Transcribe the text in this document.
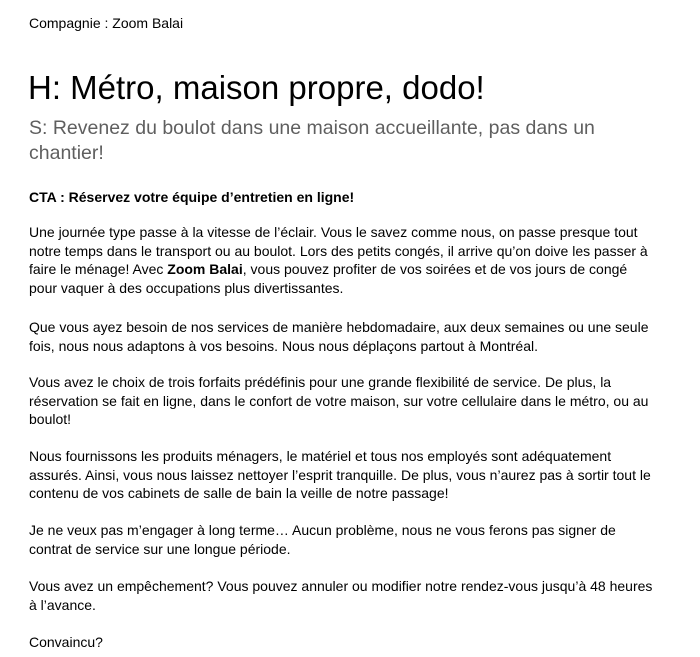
Compagnie : Zoom Balai
H: Métro, maison propre, dodo!
S: Revenez du boulot dans une maison accueillante, pas dans un chantier!
CTA : Réservez votre équipe d’entretien en ligne!

Une journée type passe à la vitesse de l’éclair. Vous le savez comme nous, on passe presque tout notre temps dans le transport ou au boulot. Lors des petits congés, il arrive qu’on doive les passer à faire le ménage! Avec Zoom Balai, vous pouvez profiter de vos soirées et de vos jours de congé pour vaquer à des occupations plus divertissantes.

Que vous ayez besoin de nos services de manière hebdomadaire, aux deux semaines ou une seule fois, nous nous adaptons à vos besoins. Nous nous déplaçons partout à Montréal.

Vous avez le choix de trois forfaits prédéfinis pour une grande flexibilité de service. De plus, la réservation se fait en ligne, dans le confort de votre maison, sur votre cellulaire dans le métro, ou au boulot!

Nous fournissons les produits ménagers, le matériel et tous nos employés sont adéquatement assurés. Ainsi, vous nous laissez nettoyer l’esprit tranquille. De plus, vous n’aurez pas à sortir tout le contenu de vos cabinets de salle de bain la veille de notre passage!

Je ne veux pas m’engager à long terme… Aucun problème, nous ne vous ferons pas signer de contrat de service sur une longue période.

Vous avez un empêchement? Vous pouvez annuler ou modifier notre rendez-vous jusqu’à 48 heures à l’avance.

Convaincu?
